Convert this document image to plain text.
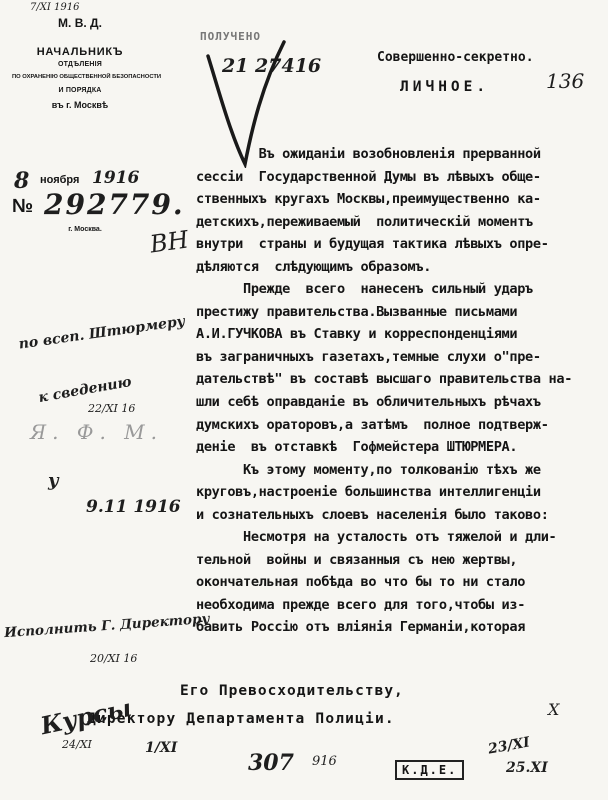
7/XI 1916
М. В. Д.
НАЧАЛЬНИКЪ
ОТДѢЛЕНІЯ
ПО ОХРАНЕНІЮ ОБЩЕСТВЕННОЙ БЕЗОПАСНОСТИ
И ПОРЯДКА
въ г. Москвѣ
8 ноября 1916
№ 292779.
г. Москва.
ПОЛУЧЕНО
21 27416	Совершенно-секретно.
ЛИЧНОЕ.	136
Въ ожиданіи возобновленія прерванной
сессіи  Государственной Думы въ лѣвыхъ обще-
ственныхъ кругахъ Москвы,преимущественно ка-
детскихъ,переживаемый  политическій моментъ
внутри  страны и будущая тактика лѣвыхъ опре-
дѣляются  слѣдующимъ образомъ.
Прежде  всего  нанесенъ сильный ударъ
престижу правительства.Вызванные письмами
А.И.ГУЧКОВА въ Ставку и корреспонденціями
въ заграничныхъ газетахъ,темные слухи о"пре-
дательствѣ" въ составѣ высшаго правительства на-
шли себѣ оправданіе въ обличительныхъ рѣчахъ
думскихъ ораторовъ,а затѣмъ  полное подтверж-
деніе  въ отставкѣ  Гофмейстера ШТЮРМЕРА.
Къ этому моменту,по толкованію тѣхъ же
круговъ,настроеніе большинства интеллигенціи
и сознательныхъ слоевъ населенія было таково:
Несмотря на усталость отъ тяжелой и дли-
тельной  войны и связанныя съ нею жертвы,
окончательная побѣда во что бы то ни стало
необходима прежде всего для того,чтобы из-
бавить Россію отъ вліянія Германіи,которая
Его Превосходительству,
Директору Департамента Полиціи.
ВН
по всеп. Штюрмеру
к сведению
22/XI 16
Я. Ф. М.
у
9.11 1916
Исполнить Г. Директору
20/XI 16
Курсы
24/XI	1/XI	23/XI
25.XI
Х
307 916
К.Д.Е.
